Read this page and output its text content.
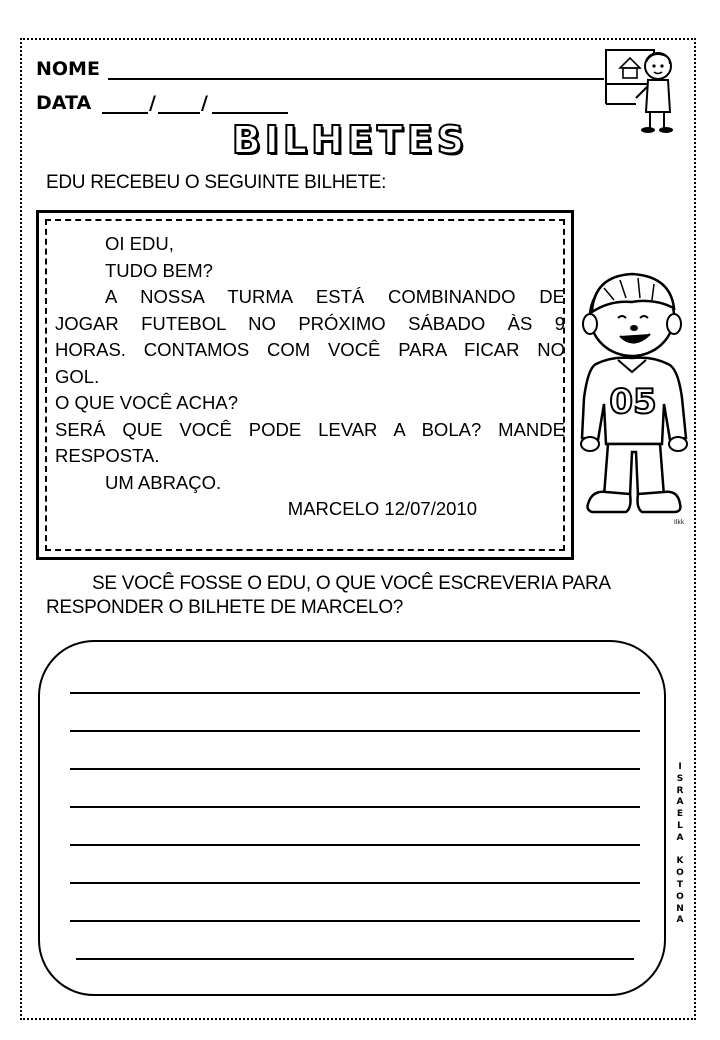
NOME
DATA	/ /
BILHETES
EDU RECEBEU O SEGUINTE BILHETE:
OI EDU,
TUDO BEM?
A NOSSA TURMA ESTÁ COMBINANDO DE
JOGAR FUTEBOL NO PRÓXIMO SÁBADO ÀS 9
HORAS. CONTAMOS COM VOCÊ PARA FICAR NO
GOL.
O QUE VOCÊ ACHA?
SERÁ QUE VOCÊ PODE LEVAR A BOLA? MANDE
RESPOSTA.
UM ABRAÇO.
MARCELO 12/07/2010
05
Ilkk
SE VOCÊ FOSSE O EDU, O QUE VOCÊ ESCREVERIA PARA
RESPONDER O BILHETE DE MARCELO?
I
S
R
A
E
L
A

K
O
T
O
N
A
